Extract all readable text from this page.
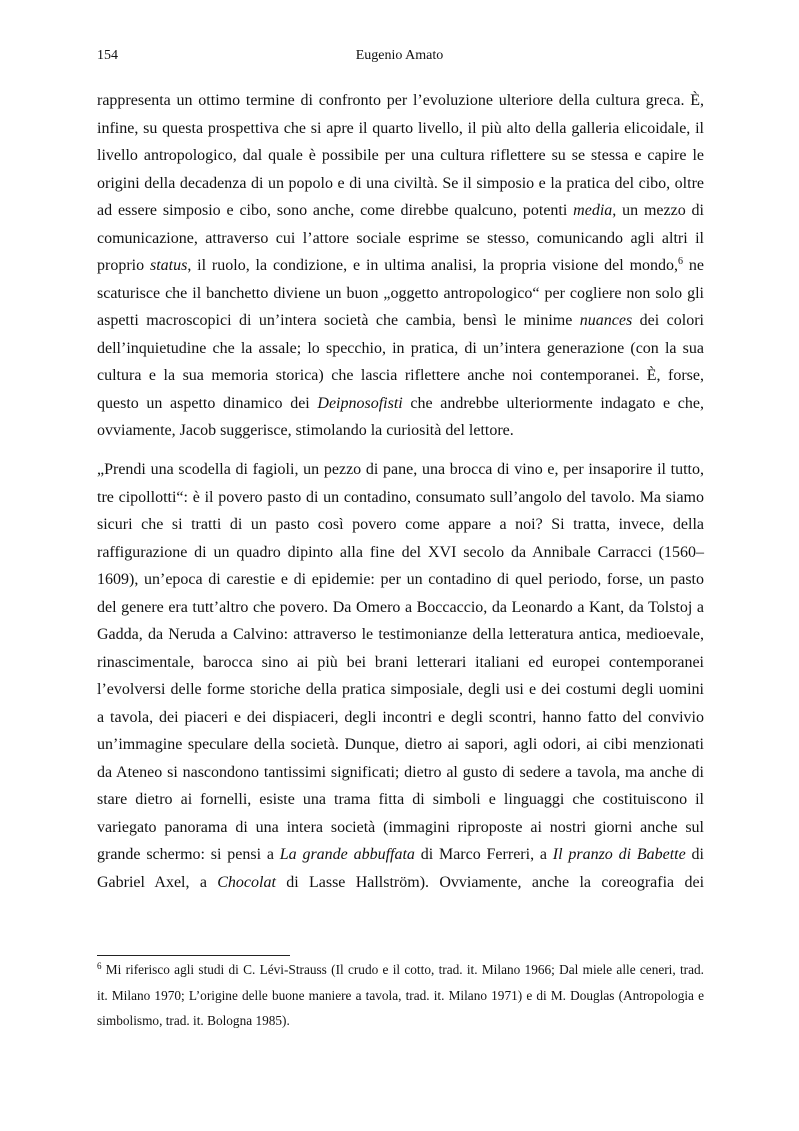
154	Eugenio Amato
rappresenta un ottimo termine di confronto per l’evoluzione ulteriore della cultura greca. È,
infine, su questa prospettiva che si apre il quarto livello, il più alto della galleria elicoidale, il
livello antropologico, dal quale è possibile per una cultura riflettere su se stessa e capire le
origini della decadenza di un popolo e di una civiltà. Se il simposio e la pratica del cibo, oltre
ad essere simposio e cibo, sono anche, come direbbe qualcuno, potenti media, un mezzo di
comunicazione, attraverso cui l’attore sociale esprime se stesso, comunicando agli altri il
proprio status, il ruolo, la condizione, e in ultima analisi, la propria visione del mondo,$^6$ ne
scaturisce che il banchetto diviene un buon „oggetto antropologico“ per cogliere non solo gli
aspetti macroscopici di un’intera società che cambia, bensì le minime nuances dei colori
dell’inquietudine che la assale; lo specchio, in pratica, di un’intera generazione (con la sua
cultura e la sua memoria storica) che lascia riflettere anche noi contemporanei. È, forse,
questo un aspetto dinamico dei Deipnosofisti che andrebbe ulteriormente indagato e che,
ovviamente, Jacob suggerisce, stimolando la curiosità del lettore.
„Prendi una scodella di fagioli, un pezzo di pane, una brocca di vino e, per insaporire il tutto,
tre cipollotti“: è il povero pasto di un contadino, consumato sull’angolo del tavolo. Ma siamo
sicuri che si tratti di un pasto così povero come appare a noi? Si tratta, invece, della
raffigurazione di un quadro dipinto alla fine del XVI secolo da Annibale Carracci (1560–
1609), un’epoca di carestie e di epidemie: per un contadino di quel periodo, forse, un pasto
del genere era tutt’altro che povero. Da Omero a Boccaccio, da Leonardo a Kant, da Tolstoj a
Gadda, da Neruda a Calvino: attraverso le testimonianze della letteratura antica, medioevale,
rinascimentale, barocca sino ai più bei brani letterari italiani ed europei contemporanei
l’evolversi delle forme storiche della pratica simposiale, degli usi e dei costumi degli uomini
a tavola, dei piaceri e dei dispiaceri, degli incontri e degli scontri, hanno fatto del convivio
un’immagine speculare della società. Dunque, dietro ai sapori, agli odori, ai cibi menzionati
da Ateneo si nascondono tantissimi significati; dietro al gusto di sedere a tavola, ma anche di
stare dietro ai fornelli, esiste una trama fitta di simboli e linguaggi che costituiscono il
variegato panorama di una intera società (immagini riproposte ai nostri giorni anche sul
grande schermo: si pensi a La grande abbuffata di Marco Ferreri, a Il pranzo di Babette di
Gabriel Axel, a Chocolat di Lasse Hallström). Ovviamente, anche la coreografia dei
$^6$ Mi riferisco agli studi di C. Lévi-Strauss (Il crudo e il cotto, trad. it. Milano 1966; Dal miele alle ceneri, trad.
it. Milano 1970; L’origine delle buone maniere a tavola, trad. it. Milano 1971) e di M. Douglas (Antropologia e
simbolismo, trad. it. Bologna 1985).
